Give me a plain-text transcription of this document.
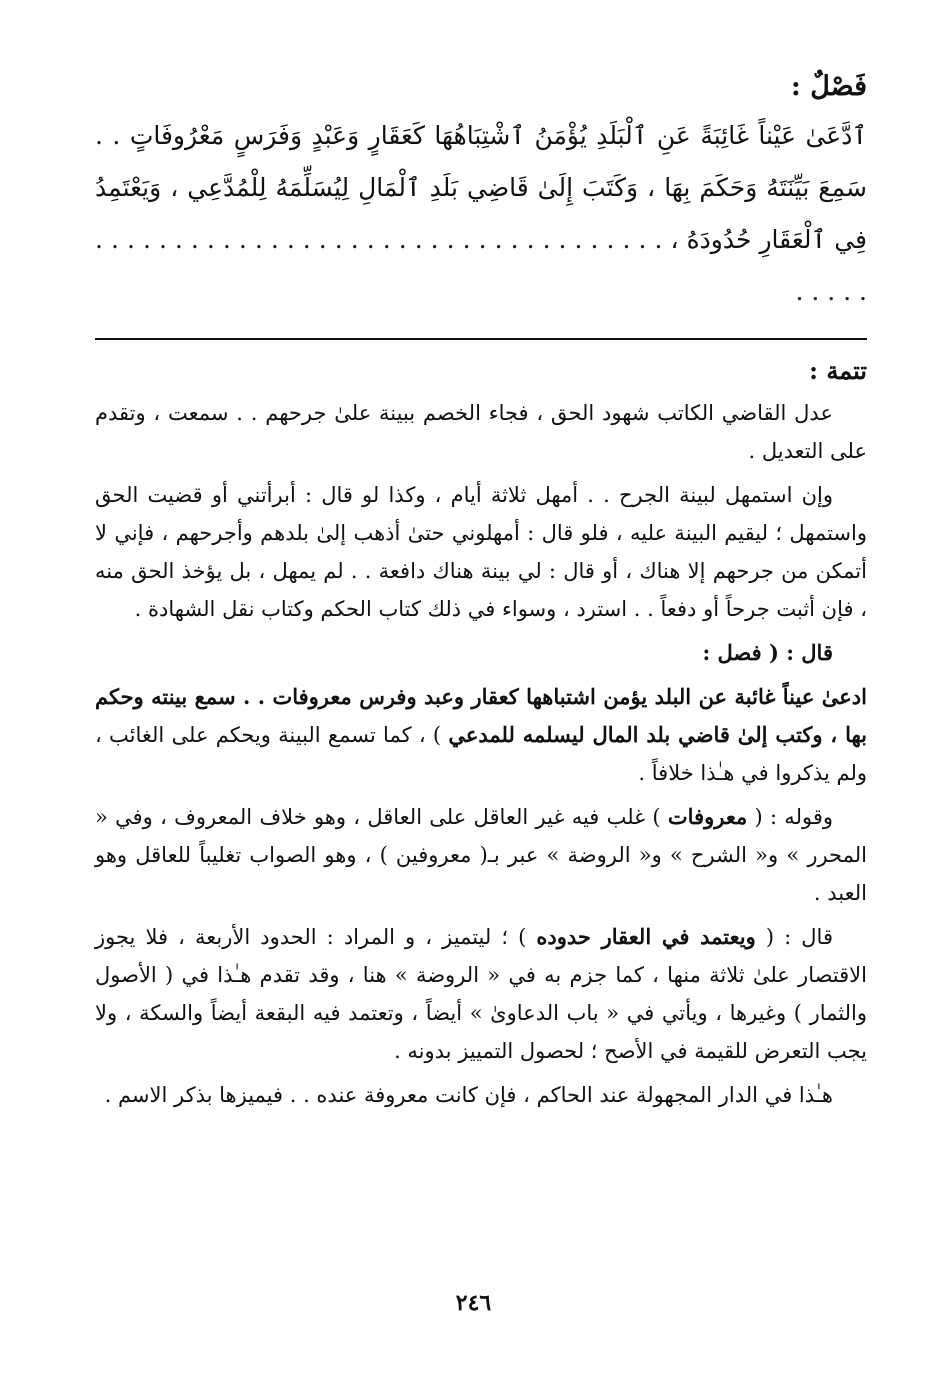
فَصْلٌ :
ٱدَّعَىٰ عَيْناً غَائِبَةً عَنِ ٱلْبَلَدِ يُؤْمَنُ ٱشْتِبَاهُهَا كَعَقَارٍ وَعَبْدٍ وَفَرَسٍ مَعْرُوفَاتٍ . . سَمِعَ بَيِّنَتَهُ وَحَكَمَ بِهَا ، وَكَتَبَ إِلَىٰ قَاضِي بَلَدِ ٱلْمَالِ لِيُسَلِّمَهُ لِلْمُدَّعِي ، وَيَعْتَمِدُ فِي ٱلْعَقَارِ حُدُودَهُ ، . . . . . . . . . . . . . . . . . . . . . . . . . . . . . . . . . . . . . . . . .
تتمة :

عدل القاضي الكاتب شهود الحق ، فجاء الخصم ببينة علىٰ جرحهم . . سمعت ، وتقدم على التعديل .

وإن استمهل لبينة الجرح . . أمهل ثلاثة أيام ، وكذا لو قال : أبرأتني أو قضيت الحق واستمهل ؛ ليقيم البينة عليه ، فلو قال : أمهلوني حتىٰ أذهب إلىٰ بلدهم وأجرحهم ، فإني لا أتمكن من جرحهم إلا هناك ، أو قال : لي بينة هناك دافعة . . لم يمهل ، بل يؤخذ الحق منه ، فإن أثبت جرحاً أو دفعاً . . استرد ، وسواء في ذلك كتاب الحكم وكتاب نقل الشهادة .

قال : ( فصل :

ادعىٰ عيناً غائبة عن البلد يؤمن اشتباهها كعقار وعبد وفرس معروفات . . سمع بينته وحكم بها ، وكتب إلىٰ قاضي بلد المال ليسلمه للمدعي ) ، كما تسمع البينة ويحكم على الغائب ، ولم يذكروا في هـٰذا خلافاً .

وقوله : ( معروفات ) غلب فيه غير العاقل على العاقل ، وهو خلاف المعروف ، وفي « المحرر » و« الشرح » و« الروضة » عبر بـ( معروفين ) ، وهو الصواب تغليباً للعاقل وهو العبد .

قال : ( ويعتمد في العقار حدوده ) ؛ ليتميز ، و المراد : الحدود الأربعة ، فلا يجوز الاقتصار علىٰ ثلاثة منها ، كما جزم به في « الروضة » هنا ، وقد تقدم هـٰذا في ( الأصول والثمار ) وغيرها ، ويأتي في « باب الدعاوىٰ » أيضاً ، وتعتمد فيه البقعة أيضاً والسكة ، ولا يجب التعرض للقيمة في الأصح ؛ لحصول التمييز بدونه .

هـٰذا في الدار المجهولة عند الحاكم ، فإن كانت معروفة عنده . . فيميزها بذكر الاسم .

٢٤٦
